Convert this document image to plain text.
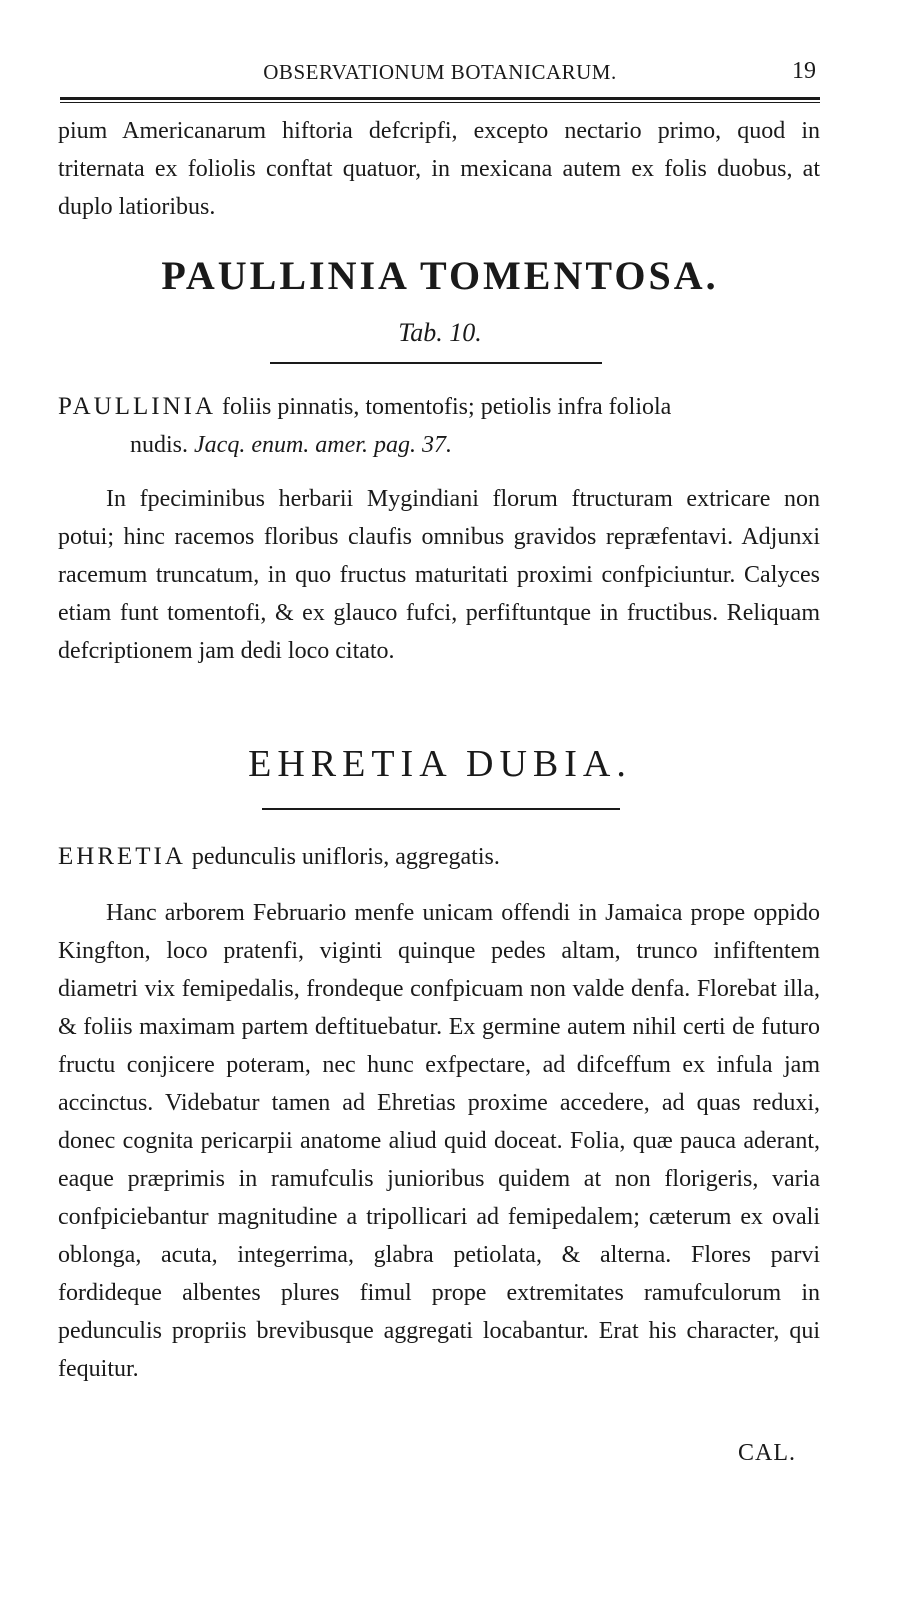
OBSERVATIONUM BOTANICARUM.	19
pium Americanarum hiftoria defcripfi, excepto nectario primo, quod in triternata ex foliolis conftat quatuor, in mexicana autem ex folis duobus, at duplo latioribus.
PAULLINIA TOMENTOSA.
Tab. 10.
PAULLINIA foliis pinnatis, tomentofis; petiolis infra foliola
nudis. Jacq. enum. amer. pag. 37.
In fpeciminibus herbarii Mygindiani florum ftructuram extricare non potui; hinc racemos floribus claufis omnibus gravidos repræfentavi. Adjunxi racemum truncatum, in quo fructus maturitati proximi confpiciuntur. Calyces etiam funt tomentofi, & ex glauco fufci, perfiftuntque in fructibus. Reliquam defcriptionem jam dedi loco citato.
EHRETIA DUBIA.
EHRETIA pedunculis unifloris, aggregatis.
Hanc arborem Februario menfe unicam offendi in Jamaica prope oppido Kingfton, loco pratenfi, viginti quinque pedes altam, trunco infiftentem diametri vix femipedalis, frondeque confpicuam non valde denfa. Florebat illa, & foliis maximam partem deftituebatur. Ex germine autem nihil certi de futuro fructu conjicere poteram, nec hunc exfpectare, ad difceffum ex infula jam accinctus. Videbatur tamen ad Ehretias proxime accedere, ad quas reduxi, donec cognita pericarpii anatome aliud quid doceat. Folia, quæ pauca aderant, eaque præprimis in ramufculis junioribus quidem at non florigeris, varia confpiciebantur magnitudine a tripollicari ad femipedalem; cæterum ex ovali oblonga, acuta, integerrima, glabra petiolata, & alterna. Flores parvi fordideque albentes plures fimul prope extremitates ramufculorum in pedunculis propriis brevibusque aggregati locabantur. Erat his character, qui fequitur.
CAL.
